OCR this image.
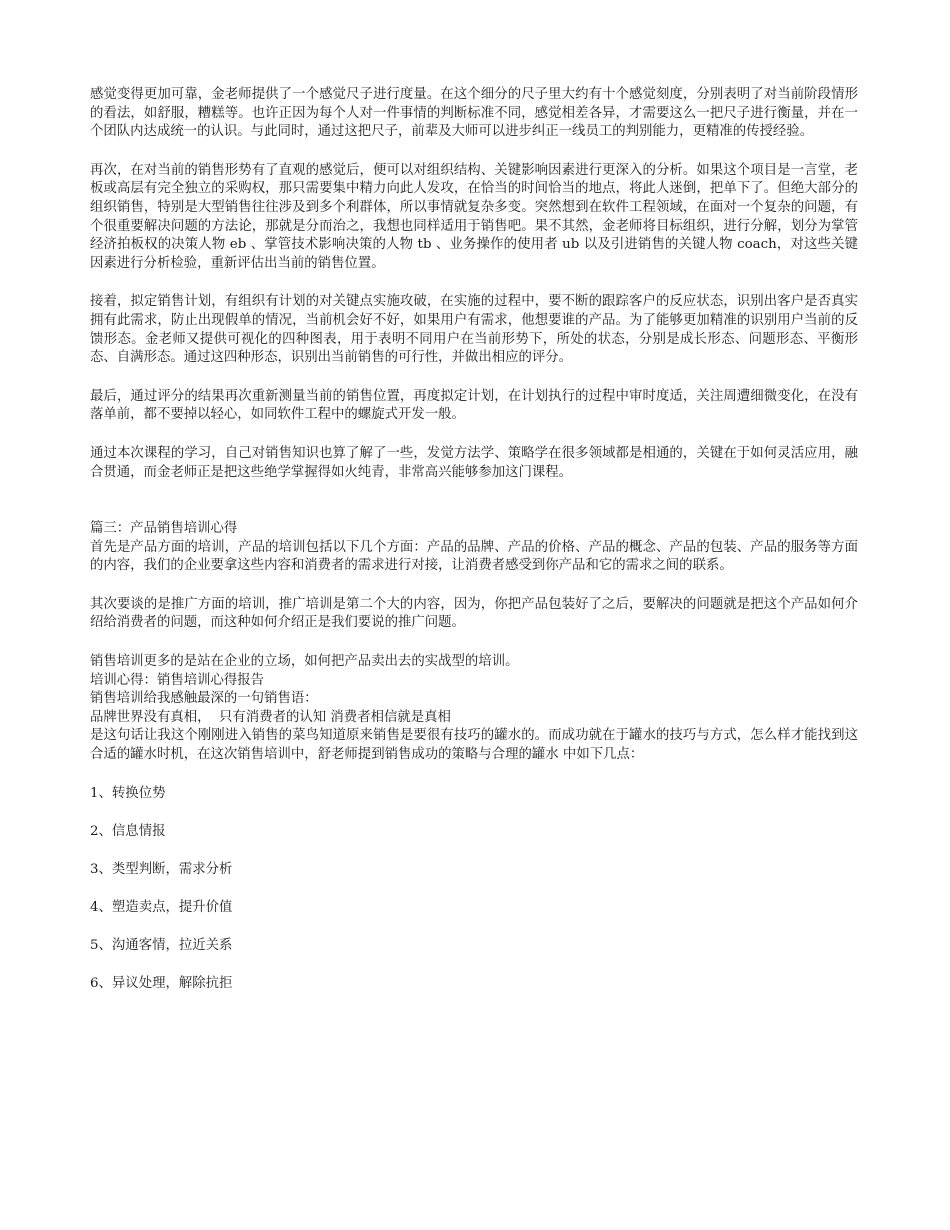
感觉变得更加可靠，金老师提供了一个感觉尺子进行度量。在这个细分的尺子里大约有十个感觉刻度，分别表明了对当前阶段情形的看法，如舒服，糟糕等。也许正因为每个人对一件事情的判断标准不同，感觉相差各异，才需要这么一把尺子进行衡量，并在一个团队内达成统一的认识。与此同时，通过这把尺子，前辈及大师可以进步纠正一线员工的判别能力，更精准的传授经验。

再次，在对当前的销售形势有了直观的感觉后，便可以对组织结构、关键影响因素进行更深入的分析。如果这个项目是一言堂，老板或高层有完全独立的采购权，那只需要集中精力向此人发攻，在恰当的时间恰当的地点，将此人迷倒，把单下了。但绝大部分的组织销售，特别是大型销售往往涉及到多个利群体，所以事情就复杂多变。突然想到在软件工程领域，在面对一个复杂的问题，有个很重要解决问题的方法论，那就是分而治之，我想也同样适用于销售吧。果不其然，金老师将目标组织，进行分解，划分为掌管经济拍板权的决策人物 eb 、掌管技术影响决策的人物 tb 、业务操作的使用者 ub 以及引进销售的关键人物 coach，对这些关键因素进行分析检验，重新评估出当前的销售位置。

接着，拟定销售计划，有组织有计划的对关键点实施攻破，在实施的过程中，要不断的跟踪客户的反应状态，识别出客户是否真实拥有此需求，防止出现假单的情况，当前机会好不好，如果用户有需求，他想要谁的产品。为了能够更加精准的识别用户当前的反馈形态。金老师又提供可视化的四种图表，用于表明不同用户在当前形势下，所处的状态，分别是成长形态、问题形态、平衡形态、自满形态。通过这四种形态，识别出当前销售的可行性，并做出相应的评分。

最后，通过评分的结果再次重新测量当前的销售位置，再度拟定计划，在计划执行的过程中审时度适，关注周遭细微变化，在没有落单前，都不要掉以轻心，如同软件工程中的螺旋式开发一般。

通过本次课程的学习，自己对销售知识也算了解了一些，发觉方法学、策略学在很多领域都是相通的，关键在于如何灵活应用，融合贯通，而金老师正是把这些绝学掌握得如火纯青，非常高兴能够参加这门课程。

篇三：产品销售培训心得

首先是产品方面的培训，产品的培训包括以下几个方面：产品的品牌、产品的价格、产品的概念、产品的包装、产品的服务等方面的内容，我们的企业要拿这些内容和消费者的需求进行对接，让消费者感受到你产品和它的需求之间的联系。

其次要谈的是推广方面的培训，推广培训是第二个大的内容，因为，你把产品包装好了之后，要解决的问题就是把这个产品如何介绍给消费者的问题，而这种如何介绍正是我们要说的推广问题。

销售培训更多的是站在企业的立场，如何把产品卖出去的实战型的培训。

培训心得：销售培训心得报告

销售培训给我感触最深的一句销售语：

品牌世界没有真相，  只有消费者的认知 消费者相信就是真相

是这句话让我这个刚刚进入销售的菜鸟知道原来销售是要很有技巧的罐水的。而成功就在于罐水的技巧与方式，怎么样才能找到这合适的罐水时机，在这次销售培训中，舒老师提到销售成功的策略与合理的罐水 中如下几点：

1、转换位势

2、信息情报

3、类型判断，需求分析

4、塑造卖点，提升价值

5、沟通客情，拉近关系

6、异议处理，解除抗拒
